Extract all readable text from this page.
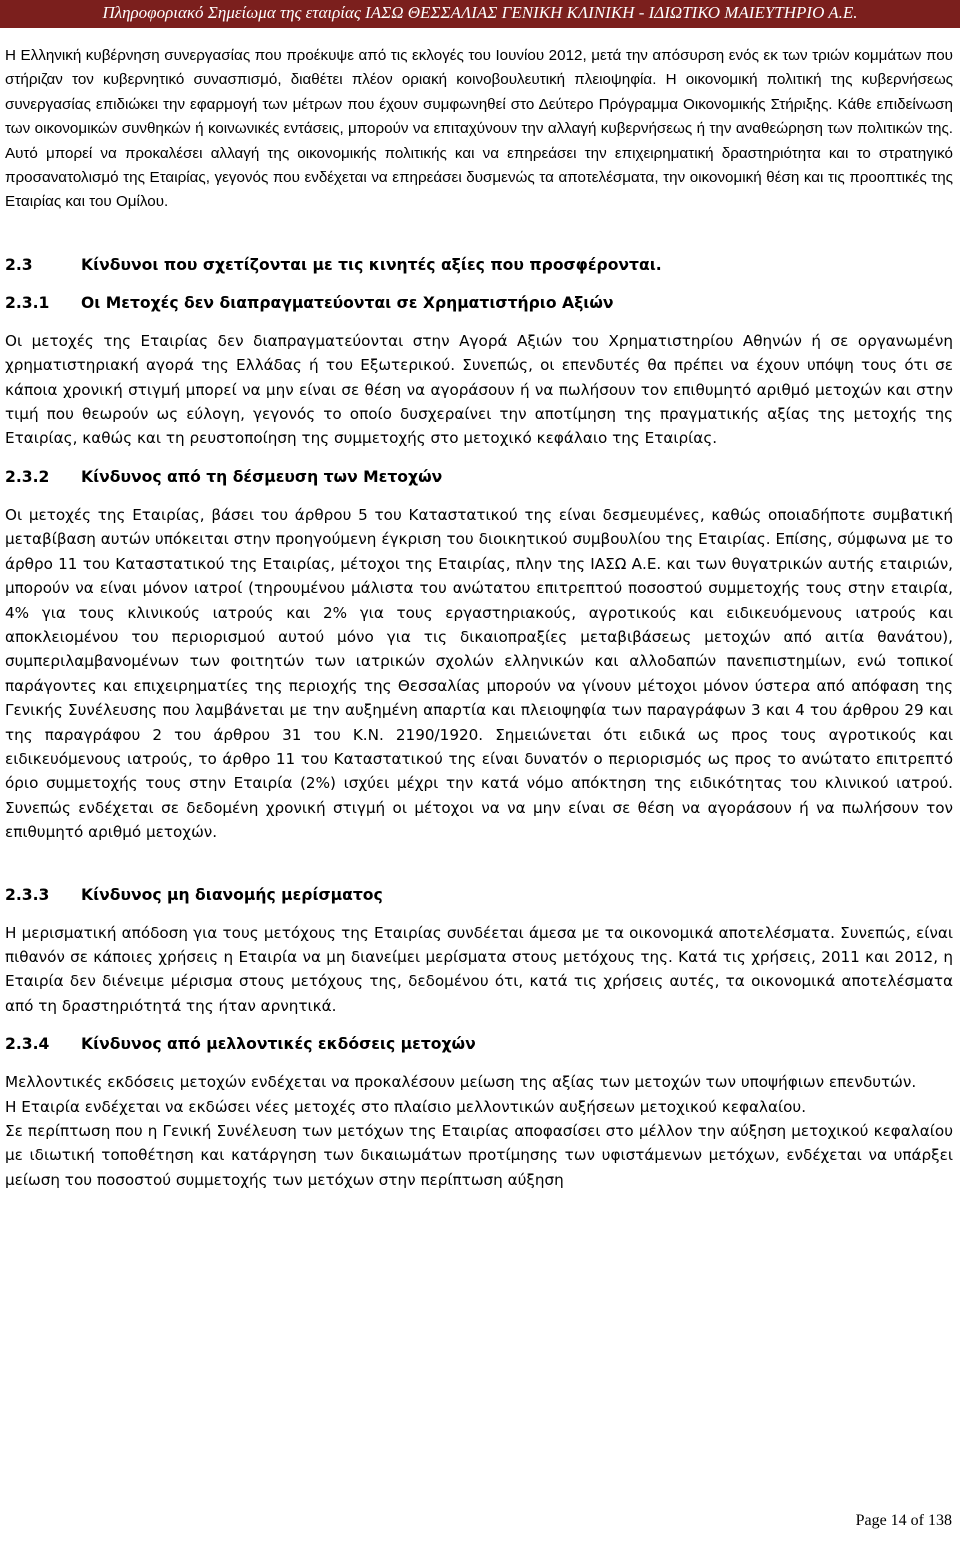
Πληροφοριακό Σημείωμα της εταιρίας ΙΑΣΩ ΘΕΣΣΑΛΙΑΣ ΓΕΝΙΚΗ ΚΛΙΝΙΚΗ - ΙΔΙΩΤΙΚΟ ΜΑΙΕΥΤΗΡΙΟ Α.Ε.

Η Ελληνική κυβέρνηση συνεργασίας που προέκυψε από τις εκλογές του Ιουνίου 2012, μετά την απόσυρση ενός εκ των τριών κομμάτων που στήριζαν τον κυβερνητικό συνασπισμό, διαθέτει πλέον οριακή κοινοβουλευτική πλειοψηφία. Η οικονομική πολιτική της κυβερνήσεως συνεργασίας επιδιώκει την εφαρμογή των μέτρων που έχουν συμφωνηθεί στο Δεύτερο Πρόγραμμα Οικονομικής Στήριξης. Κάθε επιδείνωση των οικονομικών συνθηκών ή κοινωνικές εντάσεις, μπορούν να επιταχύνουν την αλλαγή κυβερνήσεως ή την αναθεώρηση των πολιτικών της. Αυτό μπορεί να προκαλέσει αλλαγή της οικονομικής πολιτικής και να επηρεάσει την επιχειρηματική δραστηριότητα και το στρατηγικό προσανατολισμό της Εταιρίας, γεγονός που ενδέχεται να επηρεάσει δυσμενώς τα αποτελέσματα, την οικονομική θέση και τις προοπτικές της Εταιρίας και του Ομίλου.

2.3	Κίνδυνοι που σχετίζονται με τις κινητές αξίες που προσφέρονται.
2.3.1	Οι Μετοχές δεν διαπραγματεύονται σε Χρηματιστήριο Αξιών

Οι μετοχές της Εταιρίας δεν διαπραγματεύονται στην Αγορά Αξιών του Χρηματιστηρίου Αθηνών ή σε οργανωμένη χρηματιστηριακή αγορά της Ελλάδας ή του Εξωτερικού. Συνεπώς, οι επενδυτές θα πρέπει να έχουν υπόψη τους ότι σε κάποια χρονική στιγμή μπορεί να μην είναι σε θέση να αγοράσουν ή να πωλήσουν τον επιθυμητό αριθμό μετοχών και στην τιμή που θεωρούν ως εύλογη, γεγονός το οποίο δυσχεραίνει την αποτίμηση της πραγματικής αξίας της μετοχής της Εταιρίας, καθώς και τη ρευστοποίηση της συμμετοχής στο μετοχικό κεφάλαιο της Εταιρίας.

2.3.2	Κίνδυνος από τη δέσμευση των Μετοχών

Οι μετοχές της Εταιρίας, βάσει του άρθρου 5 του Καταστατικού της είναι δεσμευμένες, καθώς οποιαδήποτε συμβατική μεταβίβαση αυτών υπόκειται στην προηγούμενη έγκριση του διοικητικού συμβουλίου της Εταιρίας. Επίσης, σύμφωνα με το άρθρο 11 του Καταστατικού της Εταιρίας, μέτοχοι της Εταιρίας, πλην της ΙΑΣΩ Α.Ε. και των θυγατρικών αυτής εταιριών, μπορούν να είναι μόνον ιατροί (τηρουμένου μάλιστα του ανώτατου επιτρεπτού ποσοστού συμμετοχής τους στην εταιρία, 4% για τους κλινικούς ιατρούς και 2% για τους εργαστηριακούς, αγροτικούς και ειδικευόμενους ιατρούς και αποκλειομένου του περιορισμού αυτού μόνο για τις δικαιοπραξίες μεταβιβάσεως μετοχών από αιτία θανάτου), συμπεριλαμβανομένων των φοιτητών των ιατρικών σχολών ελληνικών και αλλοδαπών πανεπιστημίων, ενώ τοπικοί παράγοντες και επιχειρηματίες της περιοχής της Θεσσαλίας μπορούν να γίνουν μέτοχοι μόνον ύστερα από απόφαση της Γενικής Συνέλευσης που λαμβάνεται με την αυξημένη απαρτία και πλειοψηφία των παραγράφων 3 και 4 του άρθρου 29 και της παραγράφου 2 του άρθρου 31 του Κ.Ν. 2190/1920. Σημειώνεται ότι ειδικά ως προς τους αγροτικούς και ειδικευόμενους ιατρούς, το άρθρο 11 του Καταστατικού της είναι δυνατόν ο περιορισμός ως προς το ανώτατο επιτρεπτό όριο συμμετοχής τους στην Εταιρία (2%) ισχύει μέχρι την κατά νόμο απόκτηση της ειδικότητας του κλινικού ιατρού. Συνεπώς ενδέχεται σε δεδομένη χρονική στιγμή οι μέτοχοι να να μην είναι σε θέση να αγοράσουν ή να πωλήσουν τον επιθυμητό αριθμό μετοχών.

2.3.3	Κίνδυνος μη διανομής μερίσματος

Η μερισματική απόδοση για τους μετόχους της Εταιρίας συνδέεται άμεσα με τα οικονομικά αποτελέσματα. Συνεπώς, είναι πιθανόν σε κάποιες χρήσεις η Εταιρία να μη διανείμει μερίσματα στους μετόχους της. Κατά τις χρήσεις, 2011 και 2012, η Εταιρία δεν διένειμε μέρισμα στους μετόχους της, δεδομένου ότι, κατά τις χρήσεις αυτές, τα οικονομικά αποτελέσματα από τη δραστηριότητά της ήταν αρνητικά.

2.3.4	Κίνδυνος από μελλοντικές εκδόσεις μετοχών

Μελλοντικές εκδόσεις μετοχών ενδέχεται να προκαλέσουν μείωση της αξίας των μετοχών των υποψήφιων επενδυτών.

Η Εταιρία ενδέχεται να εκδώσει νέες μετοχές στο πλαίσιο μελλοντικών αυξήσεων μετοχικού κεφαλαίου.

Σε περίπτωση που η Γενική Συνέλευση των μετόχων της Εταιρίας αποφασίσει στο μέλλον την αύξηση μετοχικού κεφαλαίου με ιδιωτική τοποθέτηση και κατάργηση των δικαιωμάτων προτίμησης των υφιστάμενων μετόχων, ενδέχεται να υπάρξει μείωση του ποσοστού συμμετοχής των μετόχων στην περίπτωση αύξηση

Page 14 of 138
